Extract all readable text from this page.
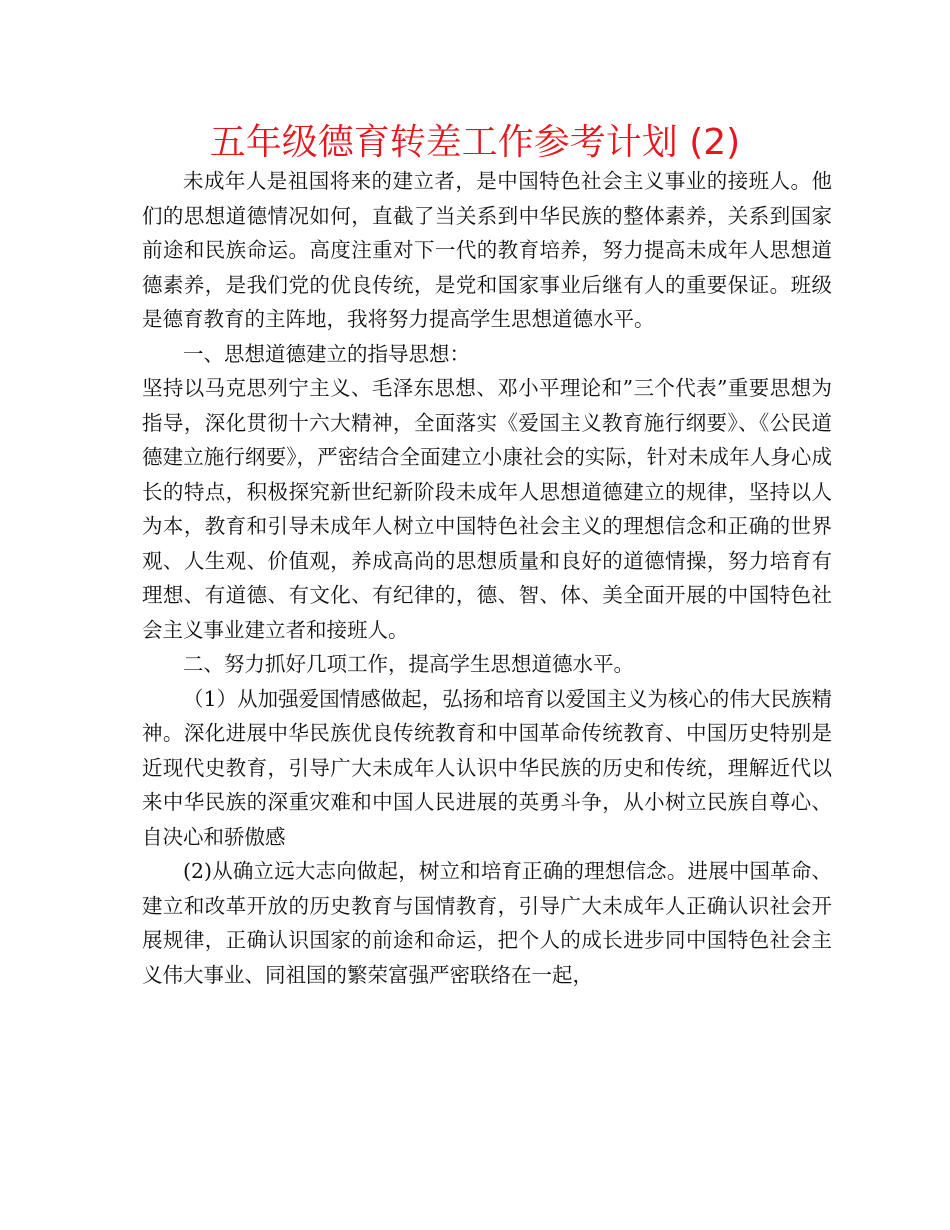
五年级德育转差工作参考计划 (2)

未成年人是祖国将来的建立者，是中国特色社会主义事业的接班人。他们的思想道德情况如何，直截了当关系到中华民族的整体素养，关系到国家前途和民族命运。高度注重对下一代的教育培养，努力提高未成年人思想道德素养，是我们党的优良传统，是党和国家事业后继有人的重要保证。班级是德育教育的主阵地，我将努力提高学生思想道德水平。

一、思想道德建立的指导思想：

坚持以马克思列宁主义、毛泽东思想、邓小平理论和”三个代表”重要思想为指导，深化贯彻十六大精神，全面落实《爱国主义教育施行纲要》、《公民道德建立施行纲要》，严密结合全面建立小康社会的实际，针对未成年人身心成长的特点，积极探究新世纪新阶段未成年人思想道德建立的规律，坚持以人为本，教育和引导未成年人树立中国特色社会主义的理想信念和正确的世界观、人生观、价值观，养成高尚的思想质量和良好的道德情操，努力培育有理想、有道德、有文化、有纪律的，德、智、体、美全面开展的中国特色社会主义事业建立者和接班人。

二、努力抓好几项工作，提高学生思想道德水平。

（1）从加强爱国情感做起，弘扬和培育以爱国主义为核心的伟大民族精神。深化进展中华民族优良传统教育和中国革命传统教育、中国历史特别是近现代史教育，引导广大未成年人认识中华民族的历史和传统，理解近代以来中华民族的深重灾难和中国人民进展的英勇斗争，从小树立民族自尊心、自决心和骄傲感

(2)从确立远大志向做起，树立和培育正确的理想信念。进展中国革命、建立和改革开放的历史教育与国情教育，引导广大未成年人正确认识社会开展规律，正确认识国家的前途和命运，把个人的成长进步同中国特色社会主义伟大事业、同祖国的繁荣富强严密联络在一起，
